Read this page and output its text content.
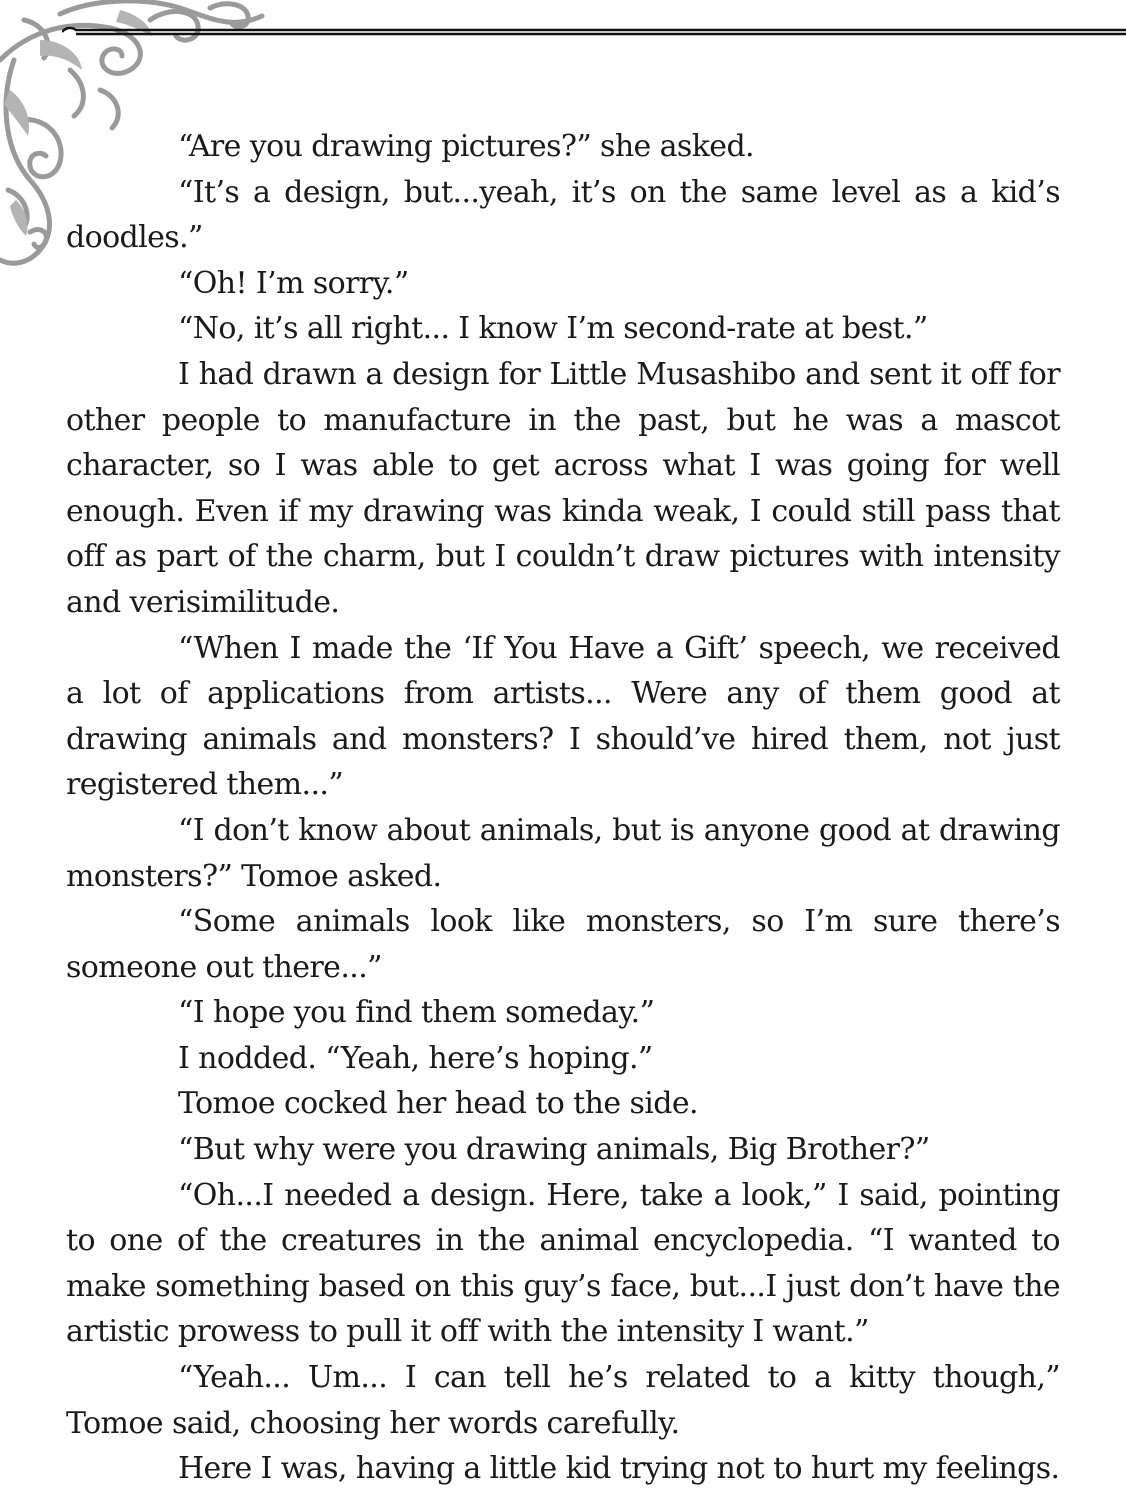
“Are you drawing pictures?” she asked.

“It’s a design, but...yeah, it’s on the same level as a kid’s doodles.”

“Oh! I’m sorry.”

“No, it’s all right... I know I’m second-rate at best.”

I had drawn a design for Little Musashibo and sent it off for other people to manufacture in the past, but he was a mascot character, so I was able to get across what I was going for well enough. Even if my drawing was kinda weak, I could still pass that off as part of the charm, but I couldn’t draw pictures with intensity and verisimilitude.

“When I made the ‘If You Have a Gift’ speech, we received a lot of applications from artists... Were any of them good at drawing animals and monsters? I should’ve hired them, not just registered them...”

“I don’t know about animals, but is anyone good at drawing monsters?” Tomoe asked.

“Some animals look like monsters, so I’m sure there’s someone out there...”

“I hope you find them someday.”

I nodded. “Yeah, here’s hoping.”

Tomoe cocked her head to the side.

“But why were you drawing animals, Big Brother?”

“Oh...I needed a design. Here, take a look,” I said, pointing to one of the creatures in the animal encyclopedia. “I wanted to make something based on this guy’s face, but...I just don’t have the artistic prowess to pull it off with the intensity I want.”

“Yeah... Um... I can tell he’s related to a kitty though,” Tomoe said, choosing her words carefully.

Here I was, having a little kid trying not to hurt my feelings.
